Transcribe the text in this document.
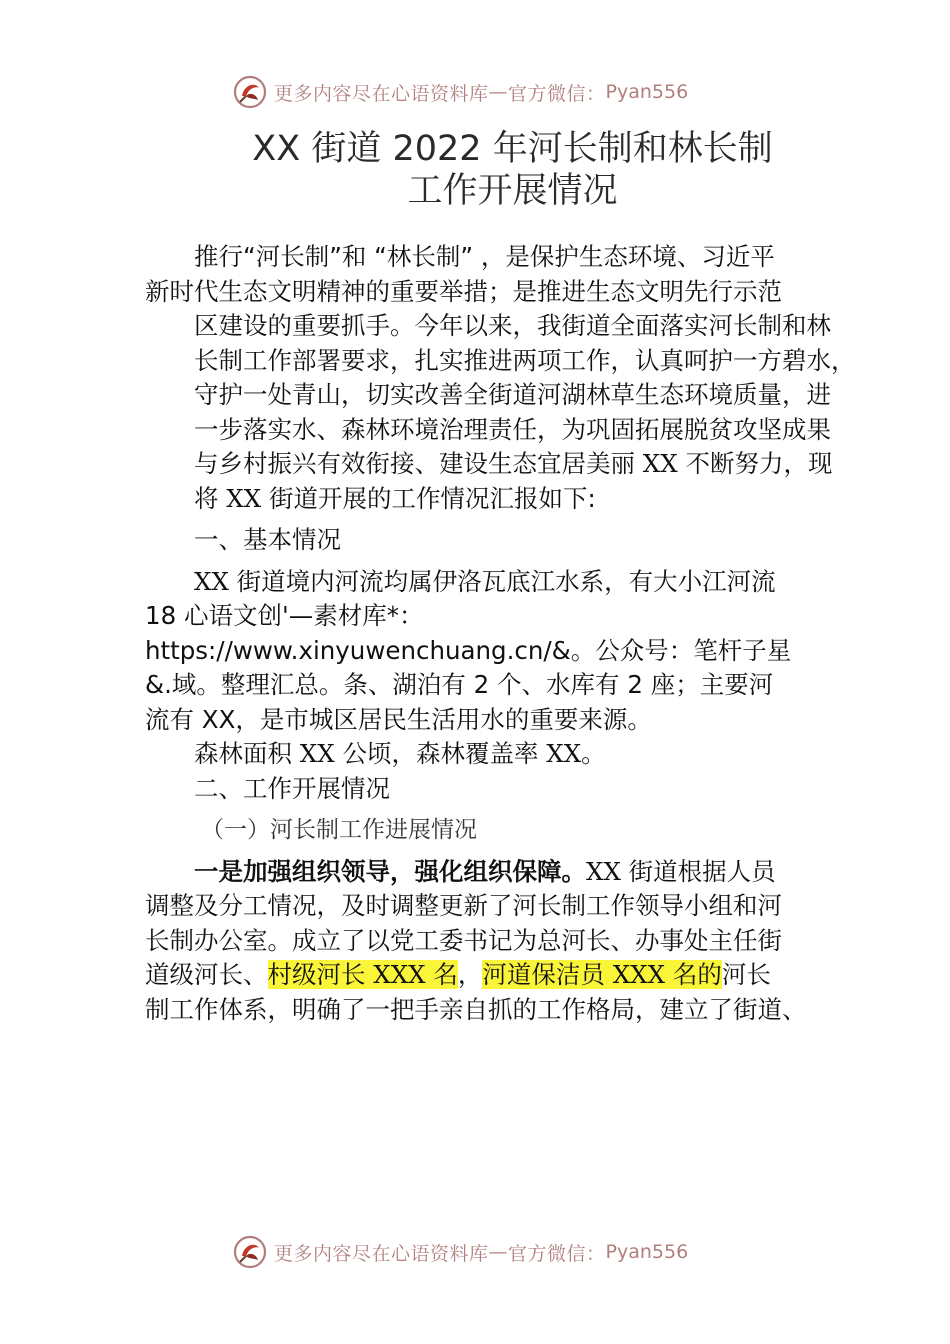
更多内容尽在心语资料库 — 官方微信： Pyan556
XX 街道 2022 年河长制和林长制
工作开展情况

推行“河长制”和 “林长制” ，是保护生态环境、习近平
新时代生态文明精神的重要举措；是推进生态文明先行示范
区建设的重要抓手。今年以来，我街道全面落实河长制和林
长制工作部署要求，扎实推进两项工作，认真呵护一方碧水，
守护一处青山，切实改善全街道河湖林草生态环境质量，进
一步落实水、森林环境治理责任，为巩固拓展脱贫攻坚成果
与乡村振兴有效衔接、建设生态宜居美丽 XX 不断努力，现
将 XX 街道开展的工作情况汇报如下:

一、基本情况

XX 街道境内河流均属伊洛瓦底江水系，有大小江河流
18 心语文创'—素材库*：
https://www.xinyuwenchuang.cn/&。公众号：笔杆子星
&.域。整理汇总。条、湖泊有 2 个、水库有 2 座；主要河
流有 XX，是市城区居民生活用水的重要来源。

森林面积 XX 公顷，森林覆盖率 XX。

二、工作开展情况

（一）河长制工作进展情况

一是加强组织领导，强化组织保障。XX 街道根据人员
调整及分工情况，及时调整更新了河长制工作领导小组和河
长制办公室。成立了以党工委书记为总河长、办事处主任街
道级河长、村级河长 XXX 名，河道保洁员 XXX 名的河长
制工作体系，明确了一把手亲自抓的工作格局，建立了街道、

更多内容尽在心语资料库 — 官方微信： Pyan556
